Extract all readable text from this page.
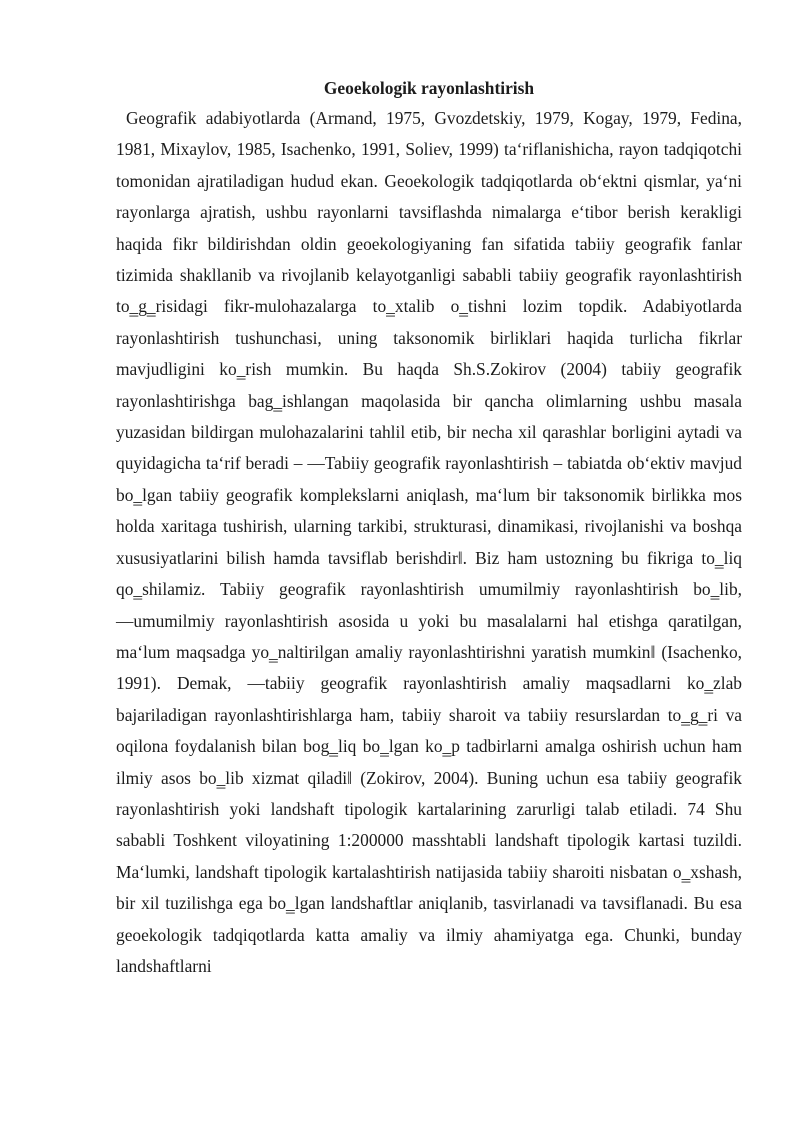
Geoekologik rayonlashtirish

Geografik adabiyotlarda (Armand, 1975, Gvozdetskiy, 1979, Kogay, 1979, Fedina, 1981, Mixaylov, 1985, Isachenko, 1991, Soliev, 1999) ta‘riflanishicha, rayon tadqiqotchi tomonidan ajratiladigan hudud ekan. Geoekologik tadqiqotlarda ob‘ektni qismlar, ya‘ni rayonlarga ajratish, ushbu rayonlarni tavsiflashda nimalarga e‘tibor berish kerakligi haqida fikr bildirishdan oldin geoekologiyaning fan sifatida tabiiy geografik fanlar tizimida shakllanib va rivojlanib kelayotganligi sababli tabiiy geografik rayonlashtirish to‗g‗risidagi fikr-mulohazalarga to‗xtalib o‗tishni lozim topdik. Adabiyotlarda rayonlashtirish tushunchasi, uning taksonomik birliklari haqida turlicha fikrlar mavjudligini ko‗rish mumkin. Bu haqda Sh.S.Zokirov (2004) tabiiy geografik rayonlashtirishga bag‗ishlangan maqolasida bir qancha olimlarning ushbu masala yuzasidan bildirgan mulohazalarini tahlil etib, bir necha xil qarashlar borligini aytadi va quyidagicha ta‘rif beradi – ―Tabiiy geografik rayonlashtirish – tabiatda ob‘ektiv mavjud bo‗lgan tabiiy geografik komplekslarni aniqlash, ma‘lum bir taksonomik birlikka mos holda xaritaga tushirish, ularning tarkibi, strukturasi, dinamikasi, rivojlanishi va boshqa xususiyatlarini bilish hamda tavsiflab berishdir‖. Biz ham ustozning bu fikriga to‗liq qo‗shilamiz. Tabiiy geografik rayonlashtirish umumilmiy rayonlashtirish bo‗lib, ―umumilmiy rayonlashtirish asosida u yoki bu masalalarni hal etishga qaratilgan, ma‘lum maqsadga yo‗naltirilgan amaliy rayonlashtirishni yaratish mumkin‖ (Isachenko, 1991). Demak, ―tabiiy geografik rayonlashtirish amaliy maqsadlarni ko‗zlab bajariladigan rayonlashtirishlarga ham, tabiiy sharoit va tabiiy resurslardan to‗g‗ri va oqilona foydalanish bilan bog‗liq bo‗lgan ko‗p tadbirlarni amalga oshirish uchun ham ilmiy asos bo‗lib xizmat qiladi‖ (Zokirov, 2004). Buning uchun esa tabiiy geografik rayonlashtirish yoki landshaft tipologik kartalarining zarurligi talab etiladi. 74 Shu sababli Toshkent viloyatining 1:200000 masshtabli landshaft tipologik kartasi tuzildi. Ma‘lumki, landshaft tipologik kartalashtirish natijasida tabiiy sharoiti nisbatan o‗xshash, bir xil tuzilishga ega bo‗lgan landshaftlar aniqlanib, tasvirlanadi va tavsiflanadi. Bu esa geoekologik tadqiqotlarda katta amaliy va ilmiy ahamiyatga ega. Chunki, bunday landshaftlarni
